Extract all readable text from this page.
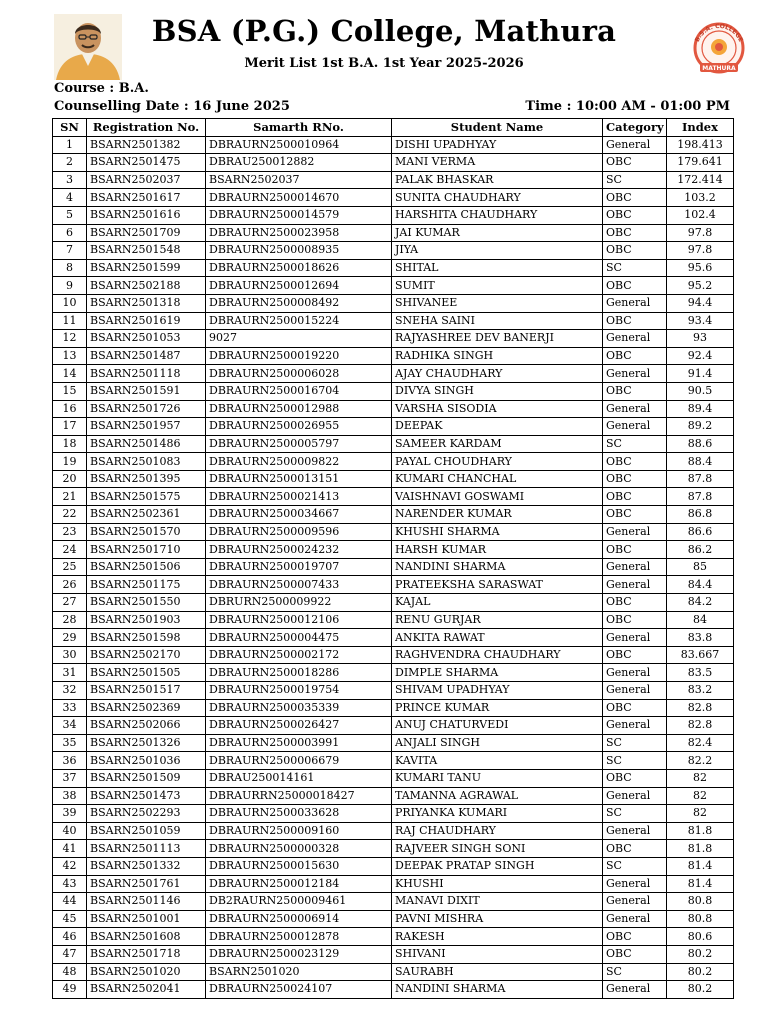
BSA (P.G.) College, Mathura
Merit List 1st B.A. 1st Year 2025-2026
B.S.A. COLLEGE
MATHURA
Course : B.A.
Counselling Date : 16 June 2025	Time : 10:00 AM - 01:00 PM
SN	Registration No.	Samarth RNo.	Student Name	Category	Index
1	BSARN2501382	DBRAURN2500010964	DISHI UPADHYAY	General	198.413
2	BSARN2501475	DBRAU250012882	MANI VERMA	OBC	179.641
3	BSARN2502037	BSARN2502037	PALAK BHASKAR	SC	172.414
4	BSARN2501617	DBRAURN2500014670	SUNITA CHAUDHARY	OBC	103.2
5	BSARN2501616	DBRAURN2500014579	HARSHITA CHAUDHARY	OBC	102.4
6	BSARN2501709	DBRAURN2500023958	JAI KUMAR	OBC	97.8
7	BSARN2501548	DBRAURN2500008935	JIYA	OBC	97.8
8	BSARN2501599	DBRAURN2500018626	SHITAL	SC	95.6
9	BSARN2502188	DBRAURN2500012694	SUMIT	OBC	95.2
10	BSARN2501318	DBRAURN2500008492	SHIVANEE	General	94.4
11	BSARN2501619	DBRAURN2500015224	SNEHA SAINI	OBC	93.4
12	BSARN2501053	9027	RAJYASHREE DEV BANERJI	General	93
13	BSARN2501487	DBRAURN2500019220	RADHIKA SINGH	OBC	92.4
14	BSARN2501118	DBRAURN2500006028	AJAY CHAUDHARY	General	91.4
15	BSARN2501591	DBRAURN2500016704	DIVYA SINGH	OBC	90.5
16	BSARN2501726	DBRAURN2500012988	VARSHA SISODIA	General	89.4
17	BSARN2501957	DBRAURN2500026955	DEEPAK	General	89.2
18	BSARN2501486	DBRAURN2500005797	SAMEER KARDAM	SC	88.6
19	BSARN2501083	DBRAURN2500009822	PAYAL CHOUDHARY	OBC	88.4
20	BSARN2501395	DBRAURN2500013151	KUMARI CHANCHAL	OBC	87.8
21	BSARN2501575	DBRAURN2500021413	VAISHNAVI GOSWAMI	OBC	87.8
22	BSARN2502361	DBRAURN2500034667	NARENDER KUMAR	OBC	86.8
23	BSARN2501570	DBRAURN2500009596	KHUSHI SHARMA	General	86.6
24	BSARN2501710	DBRAURN2500024232	HARSH KUMAR	OBC	86.2
25	BSARN2501506	DBRAURN2500019707	NANDINI SHARMA	General	85
26	BSARN2501175	DBRAURN2500007433	PRATEEKSHA SARASWAT	General	84.4
27	BSARN2501550	DBRURN2500009922	KAJAL	OBC	84.2
28	BSARN2501903	DBRAURN2500012106	RENU GURJAR	OBC	84
29	BSARN2501598	DBRAURN2500004475	ANKITA RAWAT	General	83.8
30	BSARN2502170	DBRAURN2500002172	RAGHVENDRA CHAUDHARY	OBC	83.667
31	BSARN2501505	DBRAURN2500018286	DIMPLE SHARMA	General	83.5
32	BSARN2501517	DBRAURN2500019754	SHIVAM UPADHYAY	General	83.2
33	BSARN2502369	DBRAURN2500035339	PRINCE KUMAR	OBC	82.8
34	BSARN2502066	DBRAURN2500026427	ANUJ CHATURVEDI	General	82.8
35	BSARN2501326	DBRAURN2500003991	ANJALI SINGH	SC	82.4
36	BSARN2501036	DBRAURN2500006679	KAVITA	SC	82.2
37	BSARN2501509	DBRAU250014161	KUMARI TANU	OBC	82
38	BSARN2501473	DBRAURRN25000018427	TAMANNA AGRAWAL	General	82
39	BSARN2502293	DBRAURN2500033628	PRIYANKA KUMARI	SC	82
40	BSARN2501059	DBRAURN2500009160	RAJ CHAUDHARY	General	81.8
41	BSARN2501113	DBRAURN2500000328	RAJVEER SINGH SONI	OBC	81.8
42	BSARN2501332	DBRAURN2500015630	DEEPAK PRATAP SINGH	SC	81.4
43	BSARN2501761	DBRAURN2500012184	KHUSHI	General	81.4
44	BSARN2501146	DB2RAURN2500009461	MANAVI DIXIT	General	80.8
45	BSARN2501001	DBRAURN2500006914	PAVNI MISHRA	General	80.8
46	BSARN2501608	DBRAURN2500012878	RAKESH	OBC	80.6
47	BSARN2501718	DBRAURN2500023129	SHIVANI	OBC	80.2
48	BSARN2501020	BSARN2501020	SAURABH	SC	80.2
49	BSARN2502041	DBRAURN250024107	NANDINI SHARMA	General	80.2
